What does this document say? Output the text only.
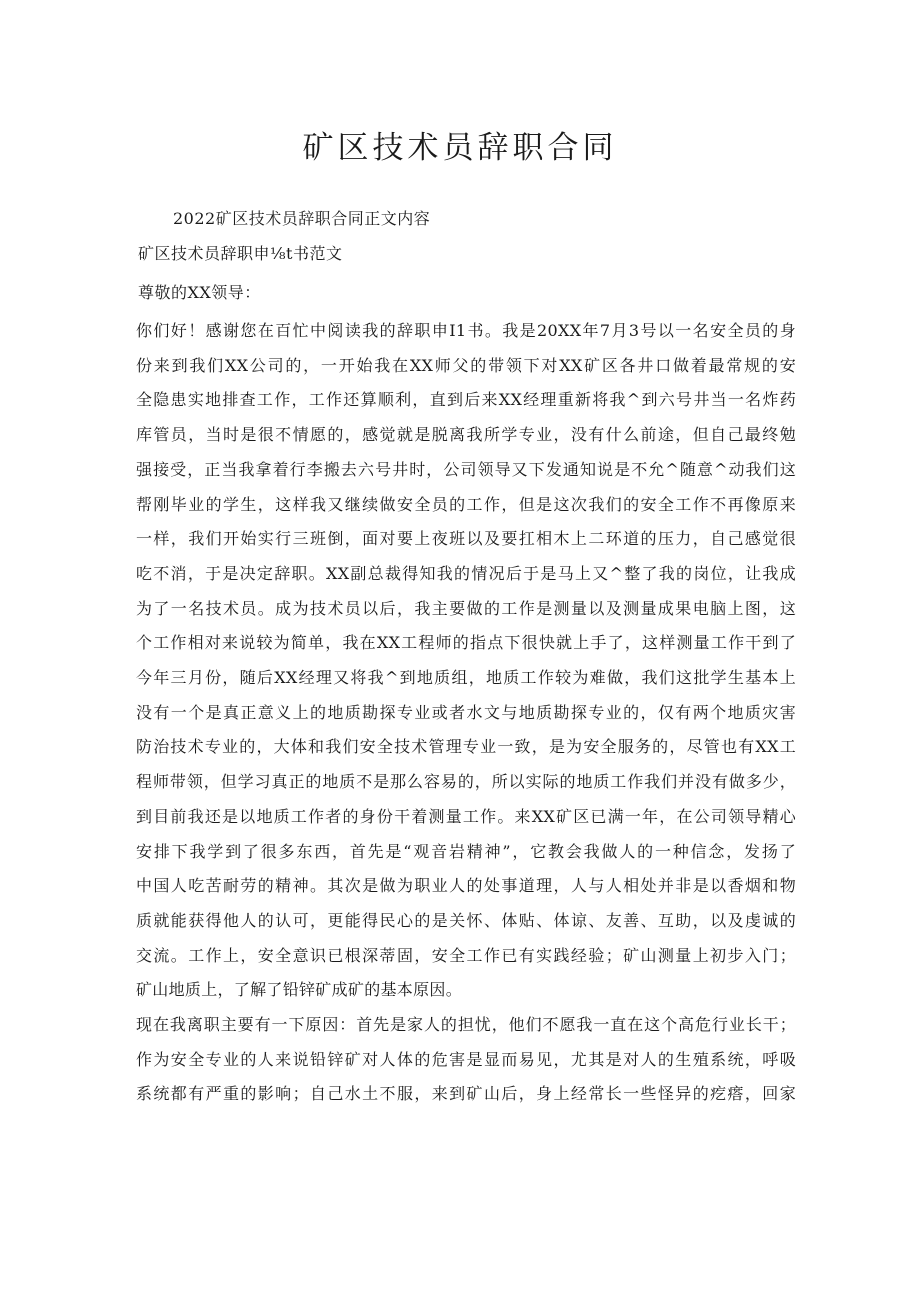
矿区技术员辞职合同

2022矿区技术员辞职合同正文内容

矿区技术员辞职申⅛t书范文

尊敬的XX领导：

你们好！感谢您在百忙中阅读我的辞职申I1书。我是20XX年7月3号以一名安全员的身
份来到我们XX公司的，一开始我在XX师父的带领下对XX矿区各井口做着最常规的安
全隐患实地排查工作，工作还算顺利，直到后来XX经理重新将我^到六号井当一名炸药
库管员，当时是很不情愿的，感觉就是脱离我所学专业，没有什么前途，但自己最终勉
强接受，正当我拿着行李搬去六号井时，公司领导又下发通知说是不允^随意^动我们这
帮刚毕业的学生，这样我又继续做安全员的工作，但是这次我们的安全工作不再像原来
一样，我们开始实行三班倒，面对要上夜班以及要扛相木上二环道的压力，自己感觉很
吃不消，于是决定辞职。XX副总裁得知我的情况后于是马上又^整了我的岗位，让我成
为了一名技术员。成为技术员以后，我主要做的工作是测量以及测量成果电脑上图，这
个工作相对来说较为简单，我在XX工程师的指点下很快就上手了，这样测量工作干到了
今年三月份，随后XX经理又将我^到地质组，地质工作较为难做，我们这批学生基本上
没有一个是真正意义上的地质勘探专业或者水文与地质勘探专业的，仅有两个地质灾害
防治技术专业的，大体和我们安全技术管理专业一致，是为安全服务的，尽管也有XX工
程师带领，但学习真正的地质不是那么容易的，所以实际的地质工作我们并没有做多少，
到目前我还是以地质工作者的身份干着测量工作。来XX矿区已满一年，在公司领导精心
安排下我学到了很多东西，首先是“观音岩精神”，它教会我做人的一种信念，发扬了
中国人吃苦耐劳的精神。其次是做为职业人的处事道理，人与人相处并非是以香烟和物
质就能获得他人的认可，更能得民心的是关怀、体贴、体谅、友善、互助，以及虔诚的
交流。工作上，安全意识已根深蒂固，安全工作已有实践经验；矿山测量上初步入门；
矿山地质上，了解了铅锌矿成矿的基本原因。
现在我离职主要有一下原因：首先是家人的担忧，他们不愿我一直在这个高危行业长干；
作为安全专业的人来说铅锌矿对人体的危害是显而易见，尤其是对人的生殖系统，呼吸
系统都有严重的影响；自己水土不服，来到矿山后，身上经常长一些怪异的疙瘩，回家
